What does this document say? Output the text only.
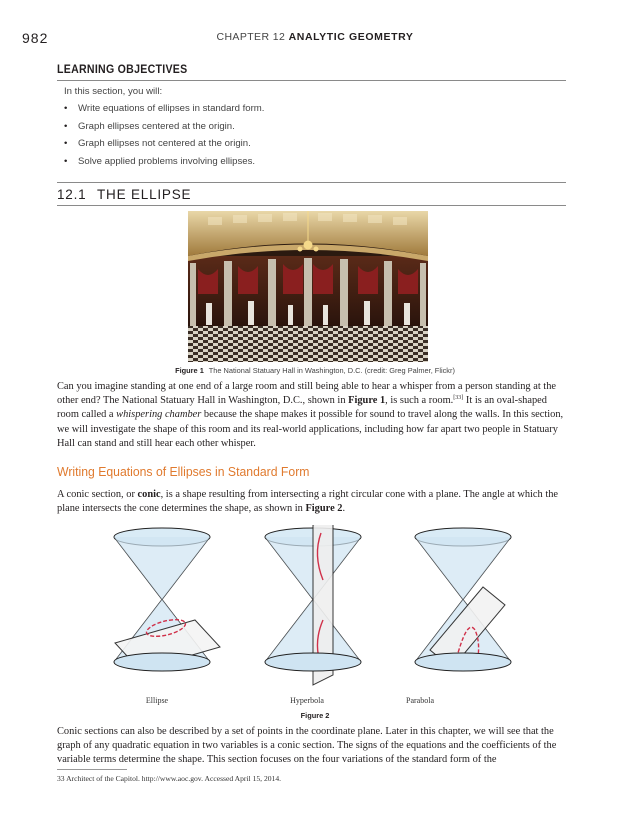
982	CHAPTER 12 ANALYTIC GEOMETRY
LEARNING OBJECTIVES
In this section, you will:
• Write equations of ellipses in standard form.
• Graph ellipses centered at the origin.
• Graph ellipses not centered at the origin.
• Solve applied problems involving ellipses.
12.1 THE ELLIPSE
Figure 1 The National Statuary Hall in Washington, D.C. (credit: Greg Palmer, Flickr)

Can you imagine standing at one end of a large room and still being able to hear a whisper from a person standing at the other end? The National Statuary Hall in Washington, D.C., shown in Figure 1, is such a room.[33] It is an oval-shaped room called a whispering chamber because the shape makes it possible for sound to travel along the walls. In this section, we will investigate the shape of this room and its real-world applications, including how far apart two people in Statuary Hall can stand and still hear each other whisper.

Writing Equations of Ellipses in Standard Form

A conic section, or conic, is a shape resulting from intersecting a right circular cone with a plane. The angle at which the plane intersects the cone determines the shape, as shown in Figure 2.

Ellipse	Hyperbola	Parabola
Figure 2

Conic sections can also be described by a set of points in the coordinate plane. Later in this chapter, we will see that the graph of any quadratic equation in two variables is a conic section. The signs of the equations and the coefficients of the variable terms determine the shape. This section focuses on the four variations of the standard form of the

33 Architect of the Capitol. http://www.aoc.gov. Accessed April 15, 2014.
